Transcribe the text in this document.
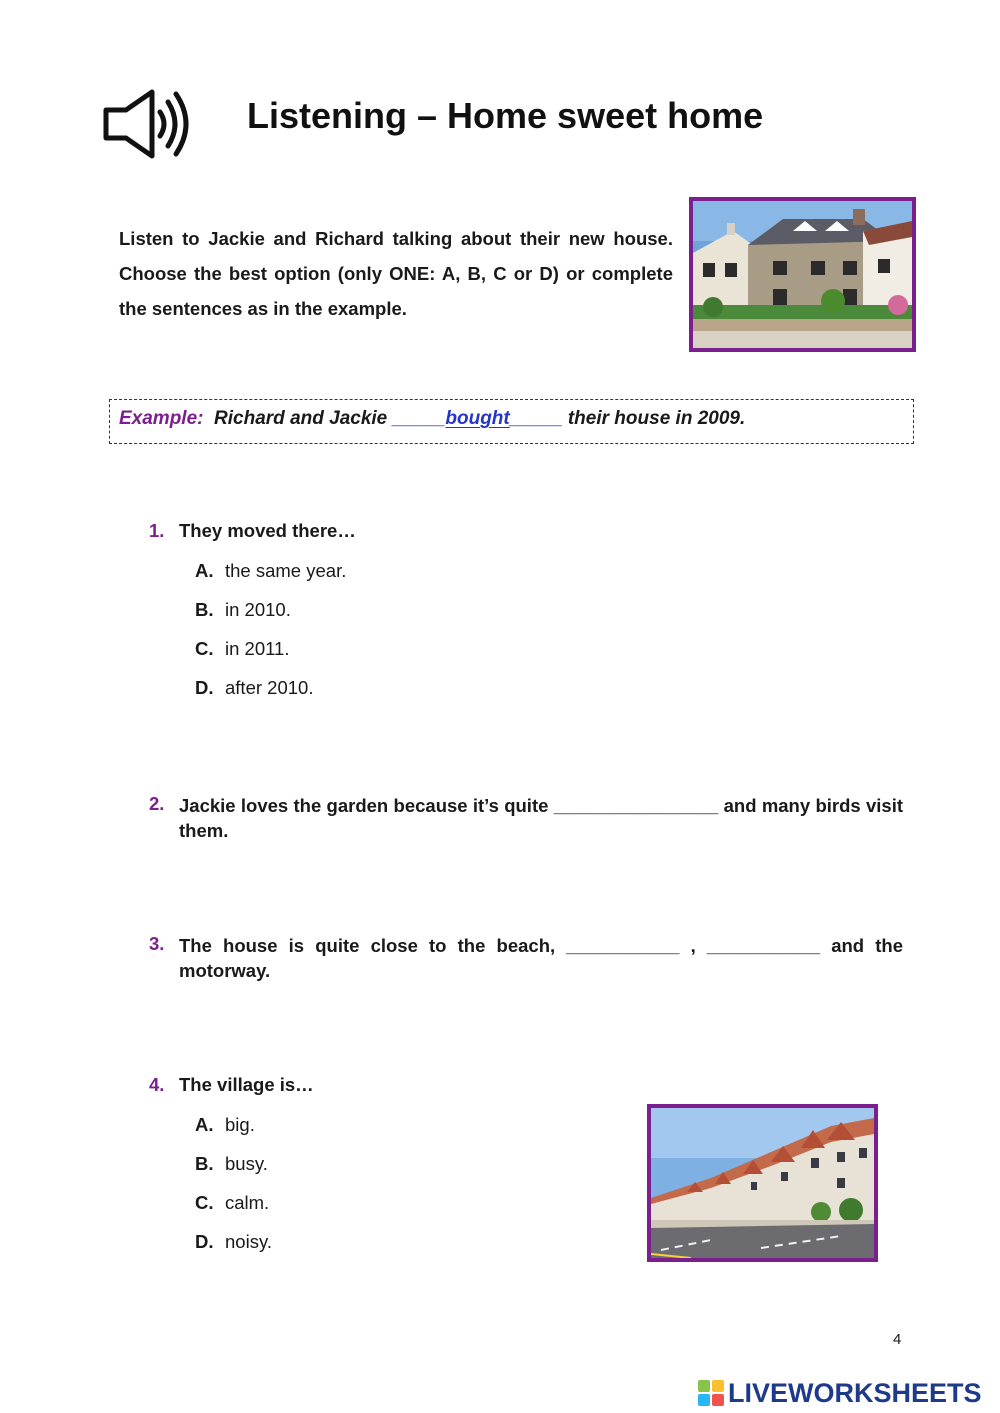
Listening – Home sweet home
Listen to Jackie and Richard talking about their new house. Choose the best option (only ONE: A, B, C or D) or complete the sentences as in the example.
Example: Richard and Jackie _____bought_____ their house in 2009.
1. They moved there…
A. the same year.
B. in 2010.
C. in 2011.
D. after 2010.
2. Jackie loves the garden because it’s quite ________________ and many birds visit them.
3. The house is quite close to the beach, ___________ , ___________ and the motorway.
4. The village is…
A. big.
B. busy.
C. calm.
D. noisy.
4
LIVEWORKSHEETS
